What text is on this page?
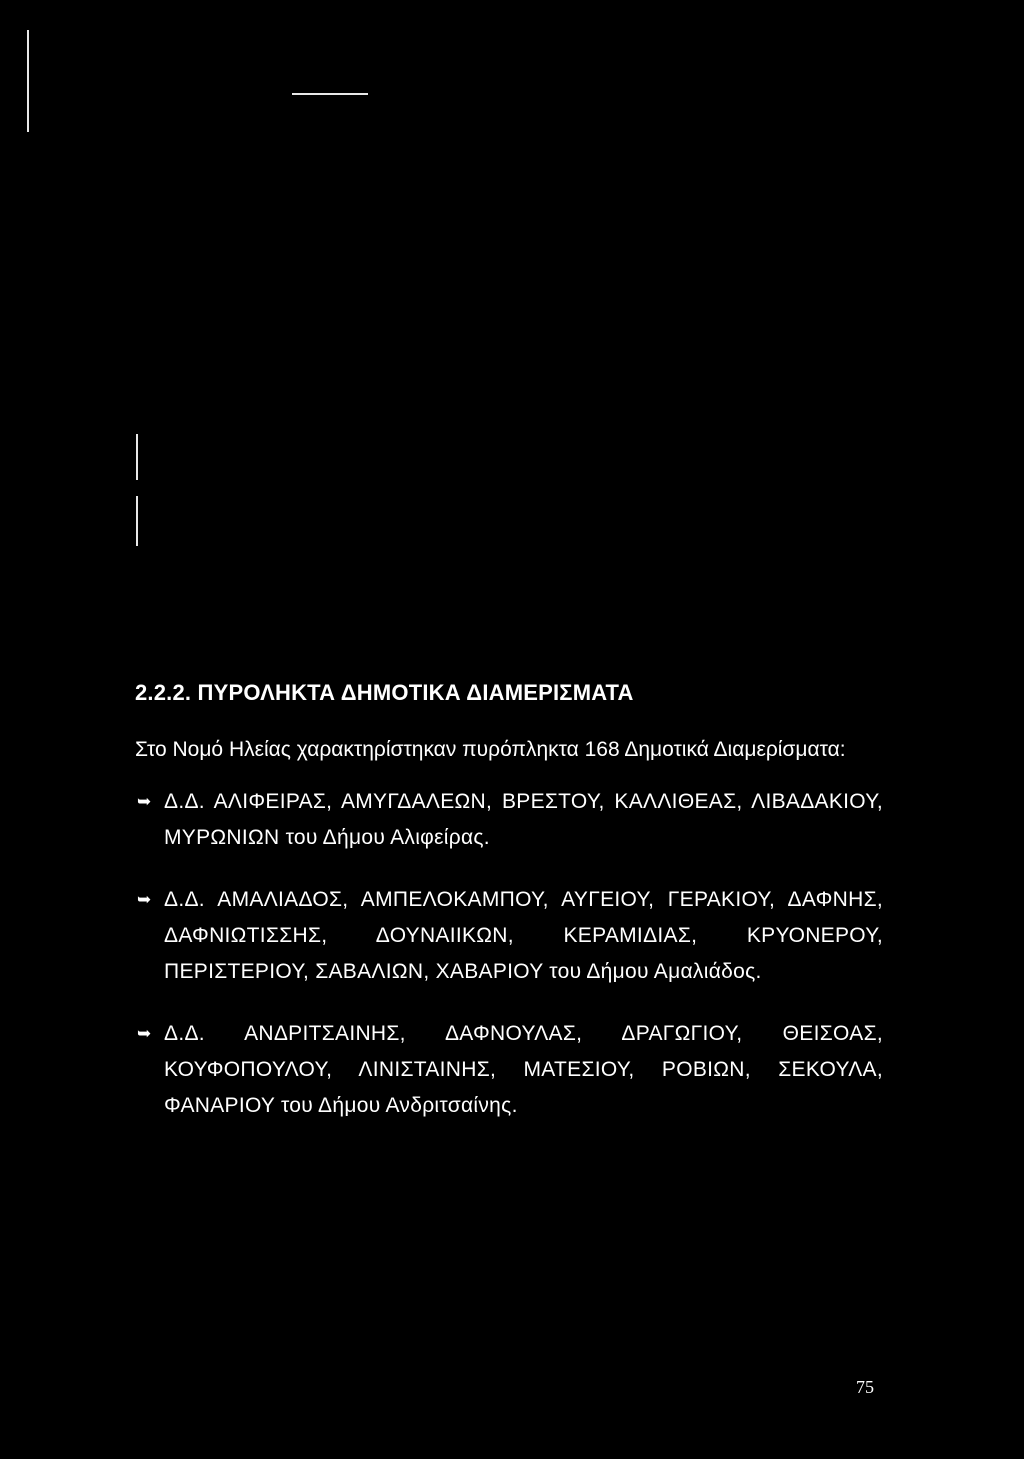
2.2.2. ΠΥΡΟΛΗΚΤΑ ΔΗΜΟΤΙΚΑ ΔΙΑΜΕΡΙΣΜΑΤΑ

Στο Νομό Ηλείας χαρακτηρίστηκαν πυρόπληκτα 168 Δημοτικά Διαμερίσματα:

➥ Δ.Δ. ΑΛΙΦΕΙΡΑΣ, ΑΜΥΓΔΑΛΕΩΝ, ΒΡΕΣΤΟΥ, ΚΑΛΛΙΘΕΑΣ, ΛΙΒΑΔΑΚΙΟΥ, ΜΥΡΩΝΙΩΝ του Δήμου Αλιφείρας.
➥ Δ.Δ. ΑΜΑΛΙΑΔΟΣ, ΑΜΠΕΛΟΚΑΜΠΟΥ, ΑΥΓΕΙΟΥ, ΓΕΡΑΚΙΟΥ, ΔΑΦΝΗΣ, ΔΑΦΝΙΩΤΙΣΣΗΣ, ΔΟΥΝΑΙΙΚΩΝ, ΚΕΡΑΜΙΔΙΑΣ, ΚΡΥΟΝΕΡΟΥ, ΠΕΡΙΣΤΕΡΙΟΥ, ΣΑΒΑΛΙΩΝ, ΧΑΒΑΡΙΟΥ του Δήμου Αμαλιάδος.
➥ Δ.Δ. ΑΝΔΡΙΤΣΑΙΝΗΣ, ΔΑΦΝΟΥΛΑΣ, ΔΡΑΓΩΓΙΟΥ, ΘΕΙΣΟΑΣ, ΚΟΥΦΟΠΟΥΛΟΥ, ΛΙΝΙΣΤΑΙΝΗΣ, ΜΑΤΕΣΙΟΥ, ΡΟΒΙΩΝ, ΣΕΚΟΥΛΑ, ΦΑΝΑΡΙΟΥ του Δήμου Ανδριτσαίνης.
75
